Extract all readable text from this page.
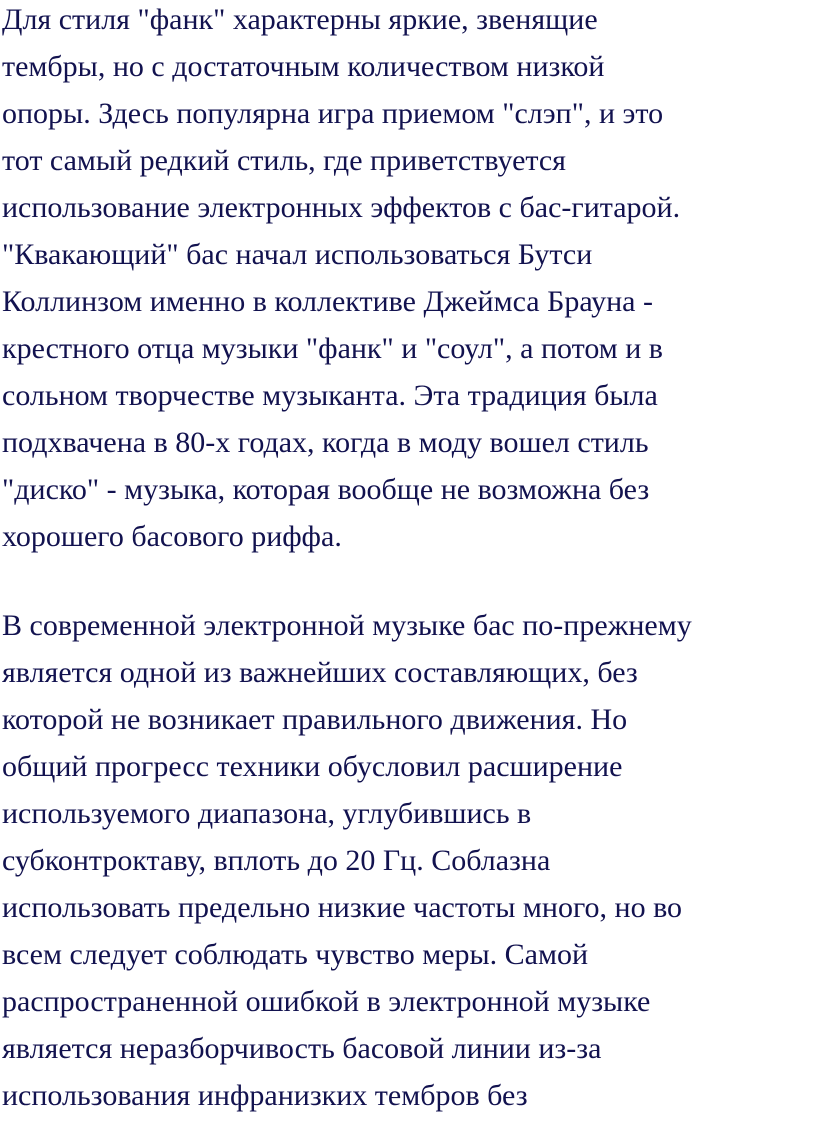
Для стиля "фанк" характерны яркие, звенящие

тембры, но с достаточным количеством низкой

опоры. Здесь популярна игра приемом "слэп", и это

тот самый редкий стиль, где приветствуется

использование электронных эффектов с бас-гитарой.

"Квакающий" бас начал использоваться Бутси

Коллинзом именно в коллективе Джеймса Брауна -

крестного отца музыки "фанк" и "соул", а потом и в

сольном творчестве музыканта. Эта традиция была

подхвачена в 80-х годах, когда в моду вошел стиль

"диско" - музыка, которая вообще не возможна без

хорошего басового риффа.

В современной электронной музыке бас по-прежнему

является одной из важнейших составляющих, без

которой не возникает правильного движения. Но

общий прогресс техники обусловил расширение

используемого диапазона, углубившись в

субконтроктаву, вплоть до 20 Гц. Соблазна

использовать предельно низкие частоты много, но во

всем следует соблюдать чувство меры. Самой

распространенной ошибкой в электронной музыке

является неразборчивость басовой линии из-за

использования инфранизких тембров без
